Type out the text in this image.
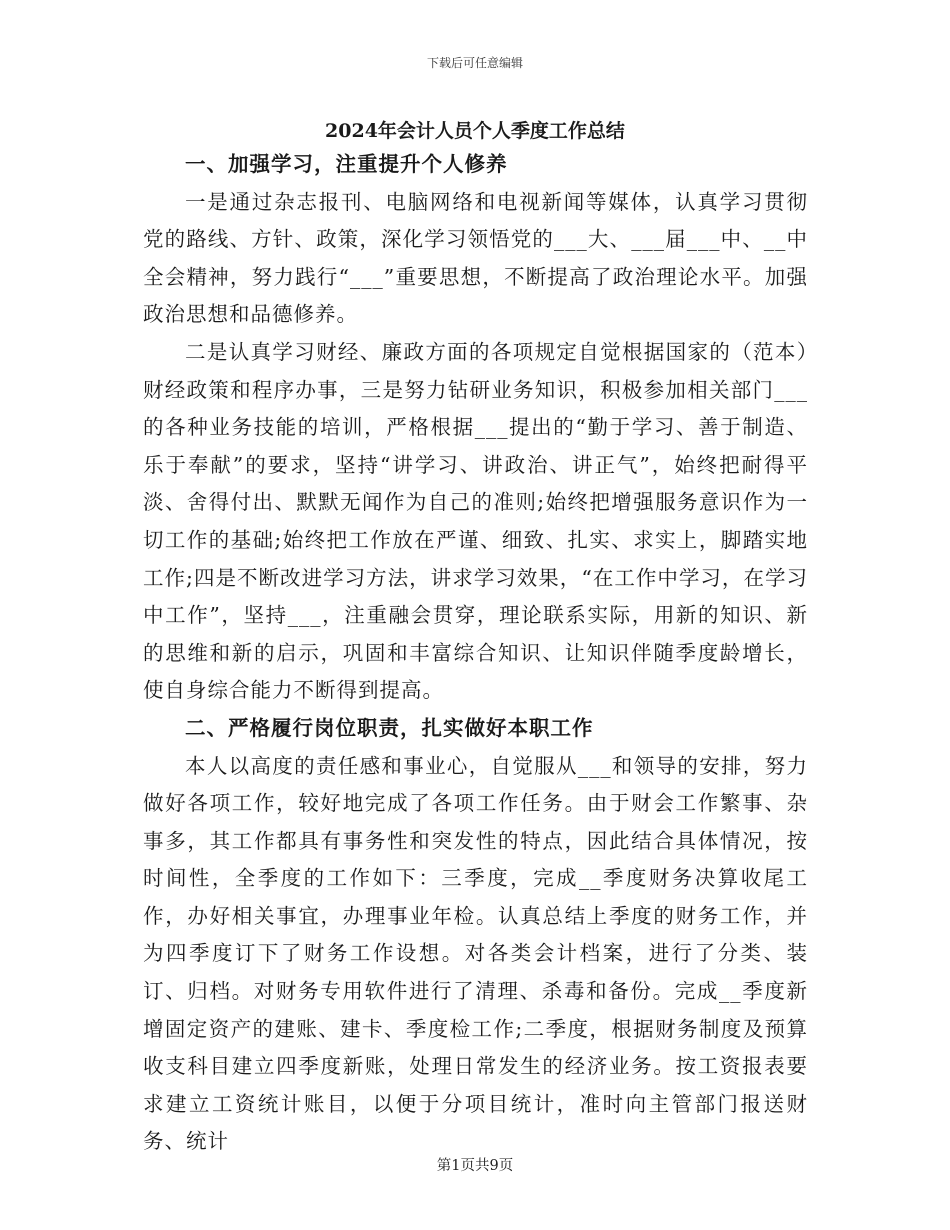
下载后可任意编辑
2024年会计人员个人季度工作总结

一、加强学习，注重提升个人修养

一是通过杂志报刊、电脑网络和电视新闻等媒体，认真学习贯彻党的路线、方针、政策，深化学习领悟党的___大、___届___中、__中全会精神，努力践行“___”重要思想，不断提高了政治理论水平。加强政治思想和品德修养。

二是认真学习财经、廉政方面的各项规定自觉根据国家的（范本）财经政策和程序办事，三是努力钻研业务知识，积极参加相关部门___的各种业务技能的培训，严格根据___提出的“勤于学习、善于制造、乐于奉献”的要求，坚持“讲学习、讲政治、讲正气”，始终把耐得平淡、舍得付出、默默无闻作为自己的准则;始终把增强服务意识作为一切工作的基础;始终把工作放在严谨、细致、扎实、求实上，脚踏实地工作;四是不断改进学习方法，讲求学习效果，“在工作中学习，在学习中工作”，坚持___，注重融会贯穿，理论联系实际，用新的知识、新的思维和新的启示，巩固和丰富综合知识、让知识伴随季度龄增长，使自身综合能力不断得到提高。

二、严格履行岗位职责，扎实做好本职工作

本人以高度的责任感和事业心，自觉服从___和领导的安排，努力做好各项工作，较好地完成了各项工作任务。由于财会工作繁事、杂事多，其工作都具有事务性和突发性的特点，因此结合具体情况，按时间性，全季度的工作如下：三季度，完成__季度财务决算收尾工作，办好相关事宜，办理事业年检。认真总结上季度的财务工作，并为四季度订下了财务工作设想。对各类会计档案，进行了分类、装订、归档。对财务专用软件进行了清理、杀毒和备份。完成__季度新增固定资产的建账、建卡、季度检工作;二季度，根据财务制度及预算收支科目建立四季度新账，处理日常发生的经济业务。按工资报表要求建立工资统计账目，以便于分项目统计，准时向主管部门报送财务、统计

第1页共9页
